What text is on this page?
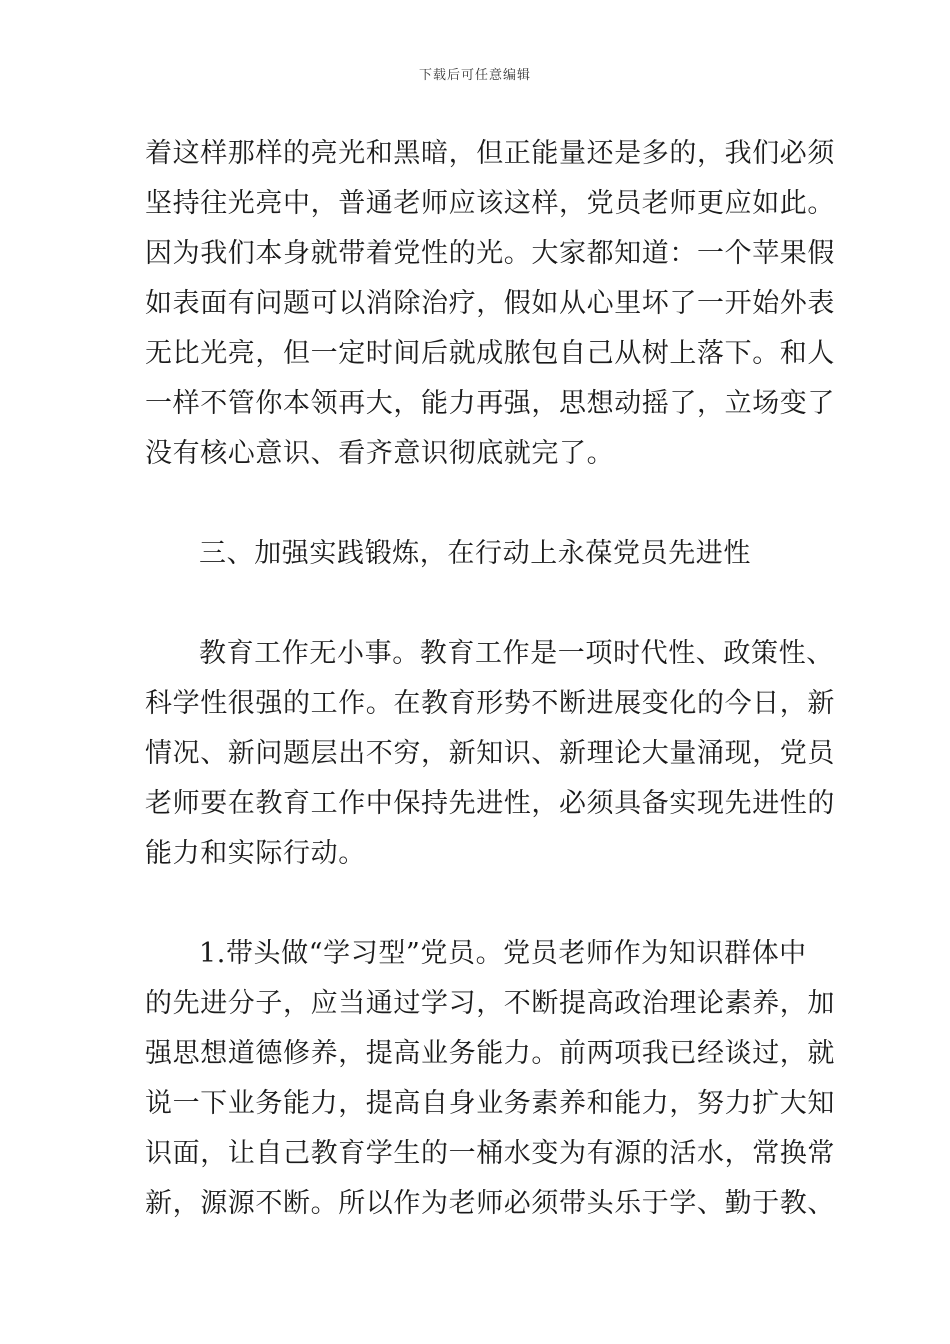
下载后可任意编辑
着这样那样的亮光和黑暗，但正能量还是多的，我们必须
坚持往光亮中，普通老师应该这样，党员老师更应如此。
因为我们本身就带着党性的光。大家都知道：一个苹果假
如表面有问题可以消除治疗，假如从心里坏了一开始外表
无比光亮，但一定时间后就成脓包自己从树上落下。和人
一样不管你本领再大，能力再强，思想动摇了，立场变了
没有核心意识、看齐意识彻底就完了。
三、加强实践锻炼，在行动上永葆党员先进性
教育工作无小事。教育工作是一项时代性、政策性、
科学性很强的工作。在教育形势不断进展变化的今日，新
情况、新问题层出不穷，新知识、新理论大量涌现，党员
老师要在教育工作中保持先进性，必须具备实现先进性的
能力和实际行动。
1.带头做“学习型”党员。党员老师作为知识群体中
的先进分子，应当通过学习，不断提高政治理论素养，加
强思想道德修养，提高业务能力。前两项我已经谈过，就
说一下业务能力，提高自身业务素养和能力，努力扩大知
识面，让自己教育学生的一桶水变为有源的活水，常换常
新，源源不断。所以作为老师必须带头乐于学、勤于教、
